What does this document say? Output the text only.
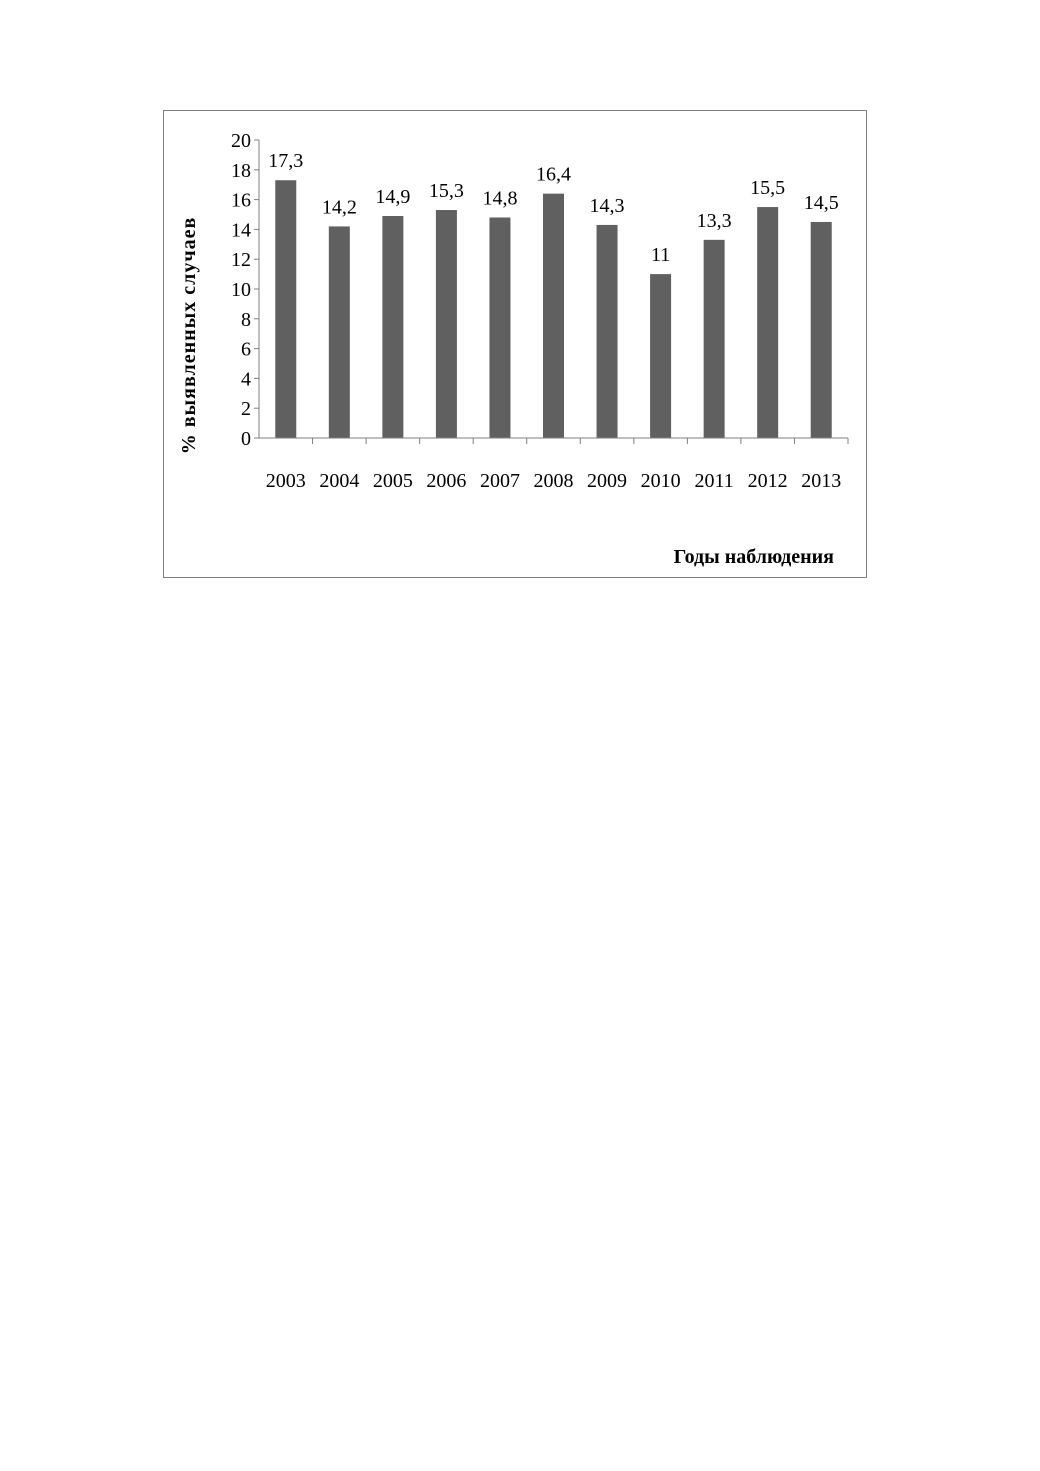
0
2
4
6
8
10
12
14
16
18
20
17,3
14,2 14,9 15,3 14,8
16,4
14,3
11
13,3
15,5
14,5
2003 2004 2005 2006 2007 2008 2009 2010 2011 2012 2013
% выявленных случаев
Годы наблюдения
